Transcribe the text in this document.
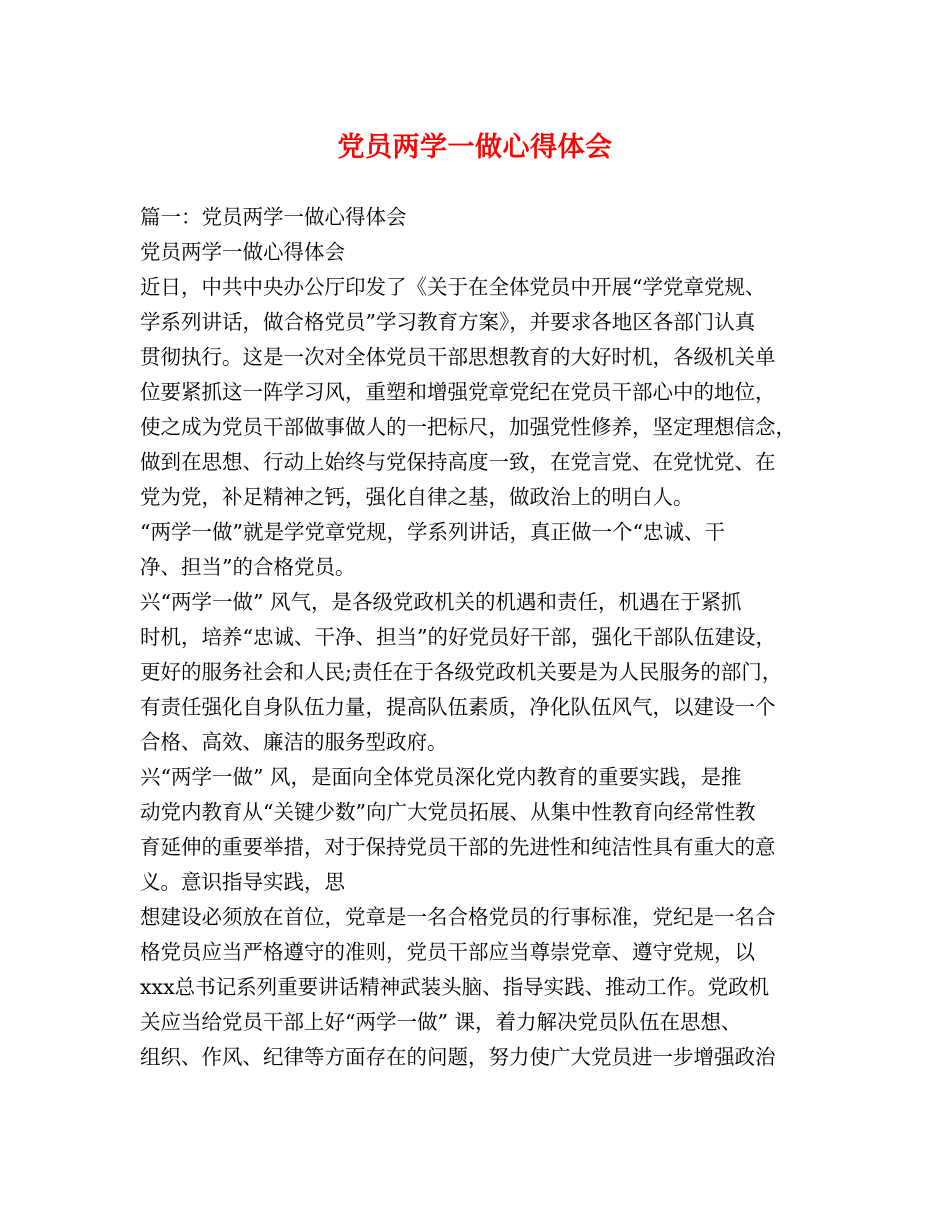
党员两学一做心得体会
篇一：党员两学一做心得体会
党员两学一做心得体会
近日，中共中央办公厅印发了《关于在全体党员中开展“学党章党规、
学系列讲话，做合格党员”学习教育方案》，并要求各地区各部门认真
贯彻执行。这是一次对全体党员干部思想教育的大好时机，各级机关单
位要紧抓这一阵学习风，重塑和增强党章党纪在党员干部心中的地位，
使之成为党员干部做事做人的一把标尺，加强党性修养，坚定理想信念，
做到在思想、行动上始终与党保持高度一致，在党言党、在党忧党、在
党为党，补足精神之钙，强化自律之基，做政治上的明白人。
“两学一做”就是学党章党规，学系列讲话，真正做一个“忠诚、干
净、担当”的合格党员。
兴“两学一做” 风气，是各级党政机关的机遇和责任，机遇在于紧抓
时机，培养“忠诚、干净、担当”的好党员好干部，强化干部队伍建设，
更好的服务社会和人民;责任在于各级党政机关要是为人民服务的部门，
有责任强化自身队伍力量，提高队伍素质，净化队伍风气，以建设一个
合格、高效、廉洁的服务型政府。
兴“两学一做” 风，是面向全体党员深化党内教育的重要实践，是推
动党内教育从“关键少数”向广大党员拓展、从集中性教育向经常性教
育延伸的重要举措，对于保持党员干部的先进性和纯洁性具有重大的意
义。意识指导实践，思
想建设必须放在首位，党章是一名合格党员的行事标准，党纪是一名合
格党员应当严格遵守的准则，党员干部应当尊崇党章、遵守党规，以
xxx总书记系列重要讲话精神武装头脑、指导实践、推动工作。党政机
关应当给党员干部上好“两学一做” 课，着力解决党员队伍在思想、
组织、作风、纪律等方面存在的问题，努力使广大党员进一步增强政治
